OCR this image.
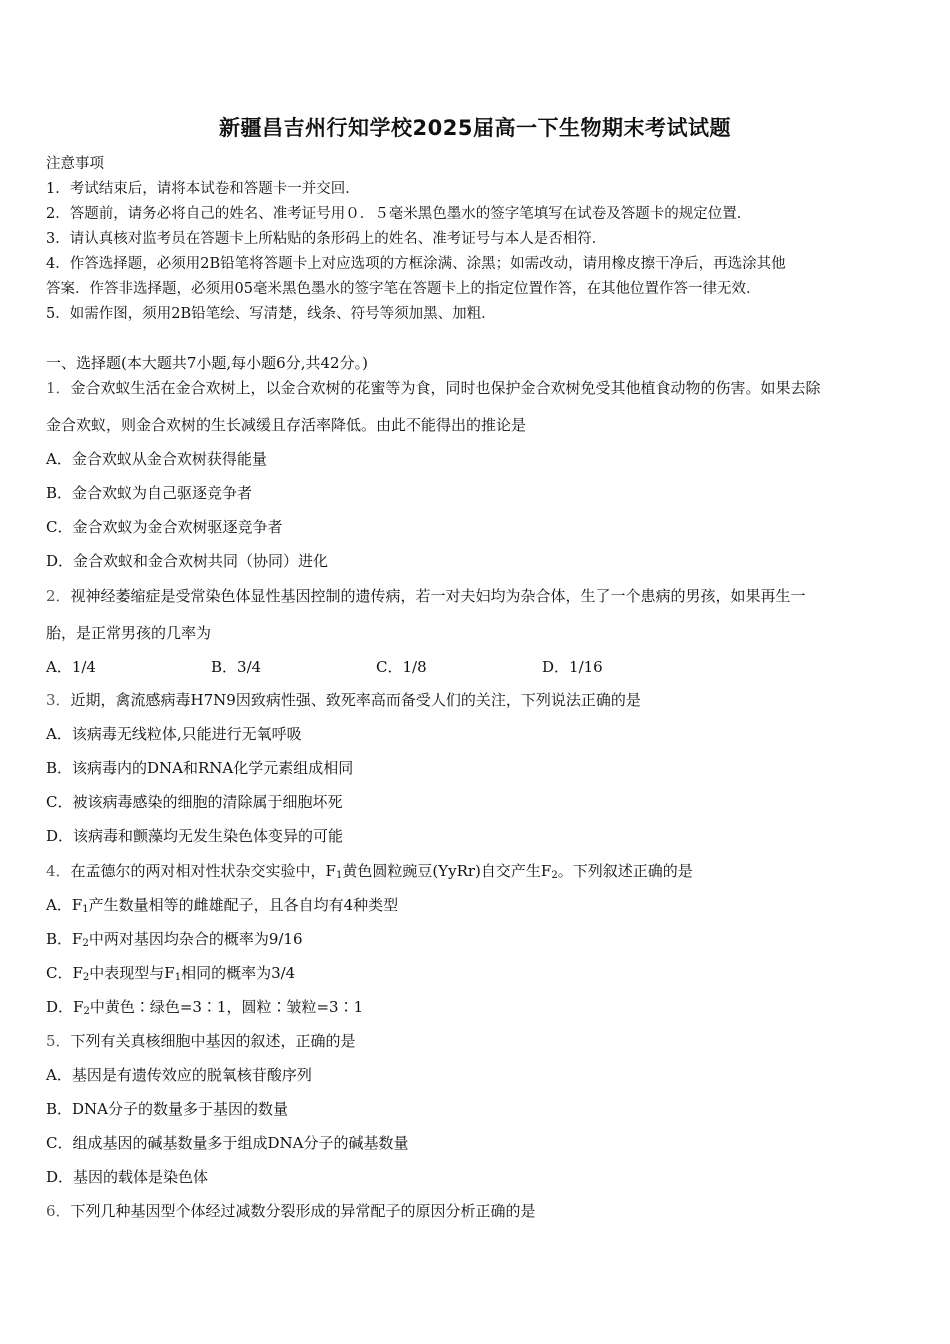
新疆昌吉州行知学校2025届高一下生物期末考试试题
注意事项
1．考试结束后，请将本试卷和答题卡一并交回．
2．答题前，请务必将自己的姓名、准考证号用０．５毫米黑色墨水的签字笔填写在试卷及答题卡的规定位置．
3．请认真核对监考员在答题卡上所粘贴的条形码上的姓名、准考证号与本人是否相符．
4．作答选择题，必须用2B铅笔将答题卡上对应选项的方框涂满、涂黑；如需改动，请用橡皮擦干净后，再选涂其他
答案．作答非选择题，必须用05毫米黑色墨水的签字笔在答题卡上的指定位置作答，在其他位置作答一律无效．
5．如需作图，须用2B铅笔绘、写清楚，线条、符号等须加黑、加粗．
一、选择题(本大题共7小题,每小题6分,共42分。)
1．金合欢蚁生活在金合欢树上，以金合欢树的花蜜等为食，同时也保护金合欢树免受其他植食动物的伤害。如果去除
金合欢蚁，则金合欢树的生长减缓且存活率降低。由此不能得出的推论是
A．金合欢蚁从金合欢树获得能量
B．金合欢蚁为自己驱逐竞争者
C．金合欢蚁为金合欢树驱逐竞争者
D．金合欢蚁和金合欢树共同（协同）进化
2．视神经萎缩症是受常染色体显性基因控制的遗传病，若一对夫妇均为杂合体，生了一个患病的男孩，如果再生一
胎，是正常男孩的几率为
A．1/4	B．3/4	C．1/8	D．1/16
3．近期，禽流感病毒H7N9因致病性强、致死率高而备受人们的关注，下列说法正确的是
A．该病毒无线粒体,只能进行无氧呼吸
B．该病毒内的DNA和RNA化学元素组成相同
C．被该病毒感染的细胞的清除属于细胞坏死
D．该病毒和颤藻均无发生染色体变异的可能
4．在孟德尔的两对相对性状杂交实验中，$F_1$黄色圆粒豌豆(YyRr)自交产生$F_2$。下列叙述正确的是
A．$F_1$产生数量相等的雌雄配子，且各自均有4种类型
B．$F_2$中两对基因均杂合的概率为9/16
C．$F_2$中表现型与$F_1$相同的概率为3/4
D．$F_2$中黄色∶绿色=3∶1，圆粒∶皱粒=3∶1
5．下列有关真核细胞中基因的叙述，正确的是
A．基因是有遗传效应的脱氧核苷酸序列
B．DNA分子的数量多于基因的数量
C．组成基因的碱基数量多于组成DNA分子的碱基数量
D．基因的载体是染色体
6．下列几种基因型个体经过减数分裂形成的异常配子的原因分析正确的是
